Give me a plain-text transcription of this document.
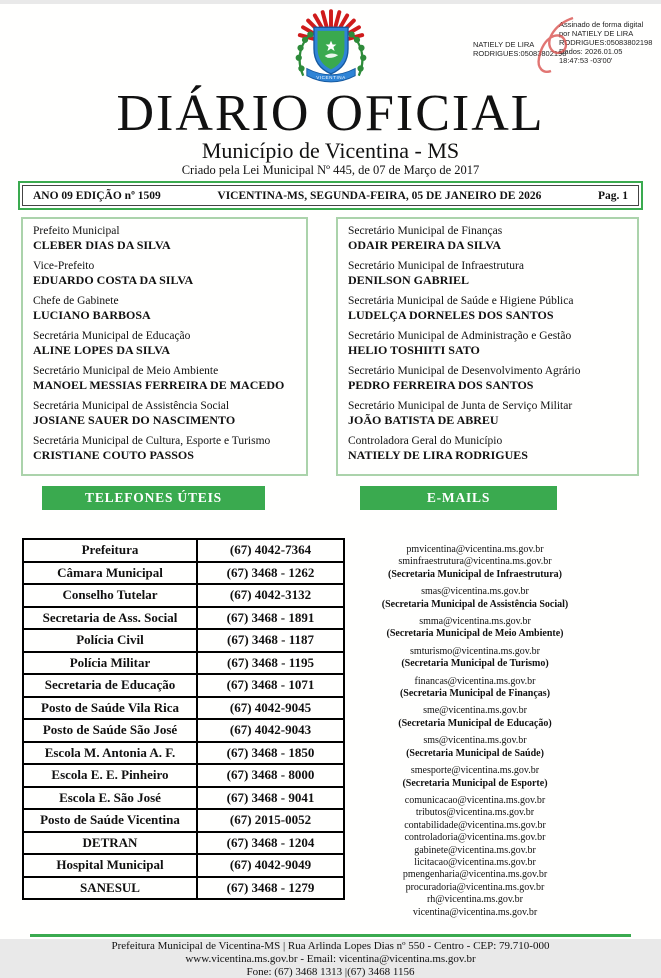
VICENTINA
NATIELY DE LIRA
RODRIGUES:05083802198
Assinado de forma digital
por NATIELY DE LIRA
RODRIGUES:05083802198
Dados: 2026.01.05
18:47:53 -03'00'
DIÁRIO OFICIAL
Município de Vicentina - MS
Criado pela Lei Municipal Nº 445, de 07 de Março de 2017
ANO 09 EDIÇÃO nº 1509	VICENTINA-MS, SEGUNDA-FEIRA, 05 DE JANEIRO DE 2026	Pag. 1
Prefeito Municipal
CLEBER DIAS DA SILVA
Vice-Prefeito
EDUARDO COSTA DA SILVA
Chefe de Gabinete
LUCIANO BARBOSA
Secretária Municipal de Educação
ALINE LOPES DA SILVA
Secretário Municipal de Meio Ambiente
MANOEL MESSIAS FERREIRA DE MACEDO
Secretária Municipal de Assistência Social
JOSIANE SAUER DO NASCIMENTO
Secretária Municipal de Cultura, Esporte e Turismo
CRISTIANE COUTO PASSOS
Secretário Municipal de Finanças
ODAIR PEREIRA DA SILVA
Secretário Municipal de Infraestrutura
DENILSON GABRIEL
Secretária Municipal de Saúde e Higiene Pública
LUDELÇA DORNELES DOS SANTOS
Secretário Municipal de Administração e Gestão
HELIO TOSHIITI SATO
Secretário Municipal de Desenvolvimento Agrário
PEDRO FERREIRA DOS SANTOS
Secretário Municipal de Junta de Serviço Militar
JOÃO BATISTA DE ABREU
Controladora Geral do Município
NATIELY DE LIRA RODRIGUES
TELEFONES ÚTEIS	E-MAILS
Prefeitura	(67) 4042-7364
Câmara Municipal	(67) 3468 - 1262
Conselho Tutelar	(67) 4042-3132
Secretaria de Ass. Social	(67) 3468 - 1891
Polícia Civil	(67) 3468 - 1187
Polícia Militar	(67) 3468 - 1195
Secretaria de Educação	(67) 3468 - 1071
Posto de Saúde Vila Rica	(67) 4042-9045
Posto de Saúde São José	(67) 4042-9043
Escola M. Antonia A. F.	(67) 3468 - 1850
Escola E. E. Pinheiro	(67) 3468 - 8000
Escola E. São José	(67) 3468 - 9041
Posto de Saúde Vicentina	(67) 2015-0052
DETRAN	(67) 3468 - 1204
Hospital Municipal	(67) 4042-9049
SANESUL	(67) 3468 - 1279
pmvicentina@vicentina.ms.gov.br
sminfraestrutura@vicentina.ms.gov.br
(Secretaria Municipal de Infraestrutura)
smas@vicentina.ms.gov.br
(Secretaria Municipal de Assistência Social)
smma@vicentina.ms.gov.br
(Secretaria Municipal de Meio Ambiente)
smturismo@vicentina.ms.gov.br
(Secretaria Municipal de Turismo)
financas@vicentina.ms.gov.br
(Secretaria Municipal de Finanças)
sme@vicentina.ms.gov.br
(Secretaria Municipal de Educação)
sms@vicentina.ms.gov.br
(Secretaria Municipal de Saúde)
smesporte@vicentina.ms.gov.br
(Secretaria Municipal de Esporte)
comunicacao@vicentina.ms.gov.br
tributos@vicentina.ms.gov.br
contabilidade@vicentina.ms.gov.br
controladoria@vicentina.ms.gov.br
gabinete@vicentina.ms.gov.br
licitacao@vicentina.ms.gov.br
pmengenharia@vicentina.ms.gov.br
procuradoria@vicentina.ms.gov.br
rh@vicentina.ms.gov.br
vicentina@vicentina.ms.gov.br
Prefeitura Municipal de Vicentina-MS | Rua Arlinda Lopes Dias nº 550 - Centro - CEP: 79.710-000
www.vicentina.ms.gov.br - Email: vicentina@vicentina.ms.gov.br
Fone: (67) 3468 1313 |(67) 3468 1156
